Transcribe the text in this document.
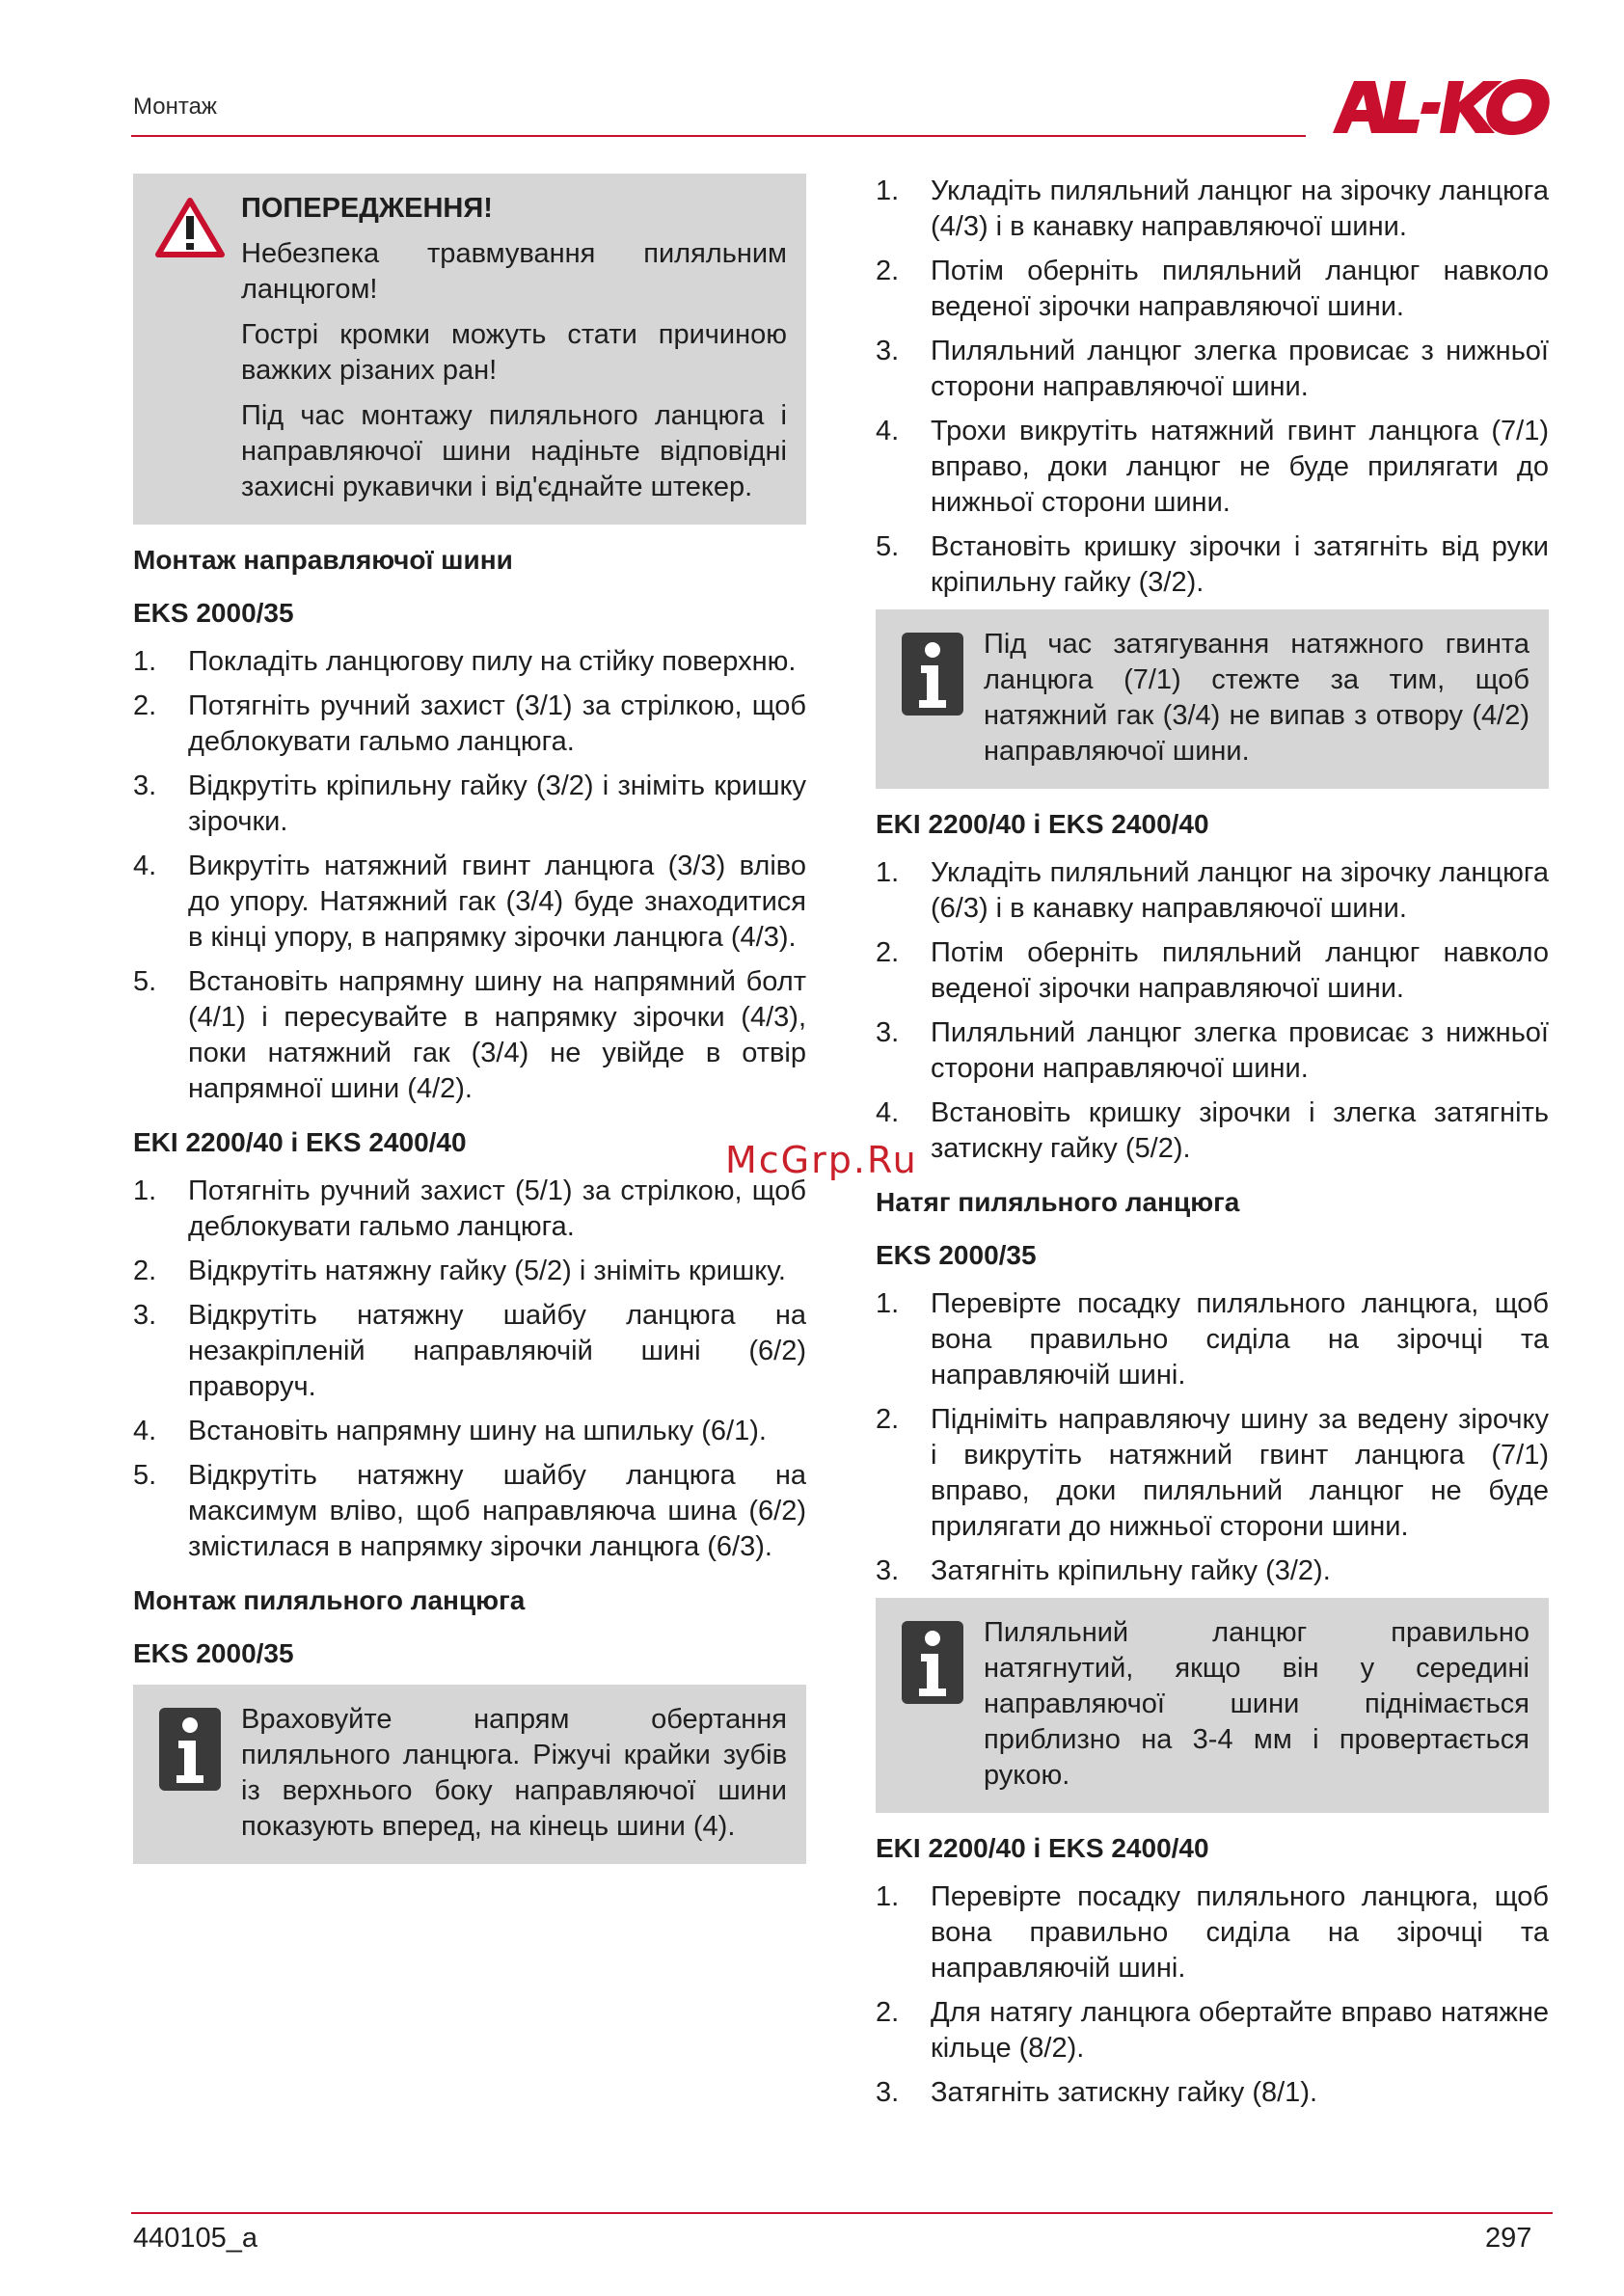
Монтаж

ПОПЕРЕДЖЕННЯ!

Небезпека травмування пиляльним ланцюгом!

Гострі кромки можуть стати причиною важких різаних ран!

Під час монтажу пиляльного ланцюга і направляючої шини надіньте відповідні захисні рукавички і від'єднайте штекер.

Монтаж направляючої шини
EKS 2000/35
1.	Покладіть ланцюгову пилу на стійку поверхню.
2.	Потягніть ручний захист (3/1) за стрілкою, щоб деблокувати гальмо ланцюга.
3.	Відкрутіть кріпильну гайку (3/2) і зніміть кришку зірочки.
4.	Викрутіть натяжний гвинт ланцюга (3/3) вліво до упору. Натяжний гак (3/4) буде знаходитися в кінці упору, в напрямку зірочки ланцюга (4/3).
5.	Встановіть напрямну шину на напрямний болт (4/1) і пересувайте в напрямку зірочки (4/3), поки натяжний гак (3/4) не увійде в отвір напрямної шини (4/2).
EKI 2200/40 і EKS 2400/40
1.	Потягніть ручний захист (5/1) за стрілкою, щоб деблокувати гальмо ланцюга.
2.	Відкрутіть натяжну гайку (5/2) і зніміть кришку.
3.	Відкрутіть натяжну шайбу ланцюга на незакріпленій направляючій шині (6/2) праворуч.
4.	Встановіть напрямну шину на шпильку (6/1).
5.	Відкрутіть натяжну шайбу ланцюга на максимум вліво, щоб направляюча шина (6/2) змістилася в напрямку зірочки ланцюга (6/3).
Монтаж пиляльного ланцюга
EKS 2000/35

Враховуйте напрям обертання пиляльного ланцюга. Ріжучі крайки зубів із верхнього боку направляючої шини показують вперед, на кінець шини (4).

1.	Укладіть пиляльний ланцюг на зірочку ланцюга (4/3) і в канавку направляючої шини.
2.	Потім оберніть пиляльний ланцюг навколо веденої зірочки направляючої шини.
3.	Пиляльний ланцюг злегка провисає з нижньої сторони направляючої шини.
4.	Трохи викрутіть натяжний гвинт ланцюга (7/1) вправо, доки ланцюг не буде прилягати до нижньої сторони шини.
5.	Встановіть кришку зірочки і затягніть від руки кріпильну гайку (3/2).

Під час затягування натяжного гвинта ланцюга (7/1) стежте за тим, щоб натяжний гак (3/4) не випав з отвору (4/2) направляючої шини.

EKI 2200/40 і EKS 2400/40
1.	Укладіть пиляльний ланцюг на зірочку ланцюга (6/3) і в канавку направляючої шини.
2.	Потім оберніть пиляльний ланцюг навколо веденої зірочки направляючої шини.
3.	Пиляльний ланцюг злегка провисає з нижньої сторони направляючої шини.
4.	Встановіть кришку зірочки і злегка затягніть затискну гайку (5/2).
Натяг пиляльного ланцюга
EKS 2000/35
1.	Перевірте посадку пиляльного ланцюга, щоб вона правильно сиділа на зірочці та направляючій шині.
2.	Підніміть направляючу шину за ведену зірочку і викрутіть натяжний гвинт ланцюга (7/1) вправо, доки пиляльний ланцюг не буде прилягати до нижньої сторони шини.
3.	Затягніть кріпильну гайку (3/2).

Пиляльний ланцюг правильно натягнутий, якщо він у середині направляючої шини піднімається приблизно на 3-4 мм і провертається рукою.

EKI 2200/40 і EKS 2400/40
1.	Перевірте посадку пиляльного ланцюга, щоб вона правильно сиділа на зірочці та направляючій шині.
2.	Для натягу ланцюга обертайте вправо натяжне кільце (8/2).
3.	Затягніть затискну гайку (8/1).
McGrp.Ru
440105_a	297
